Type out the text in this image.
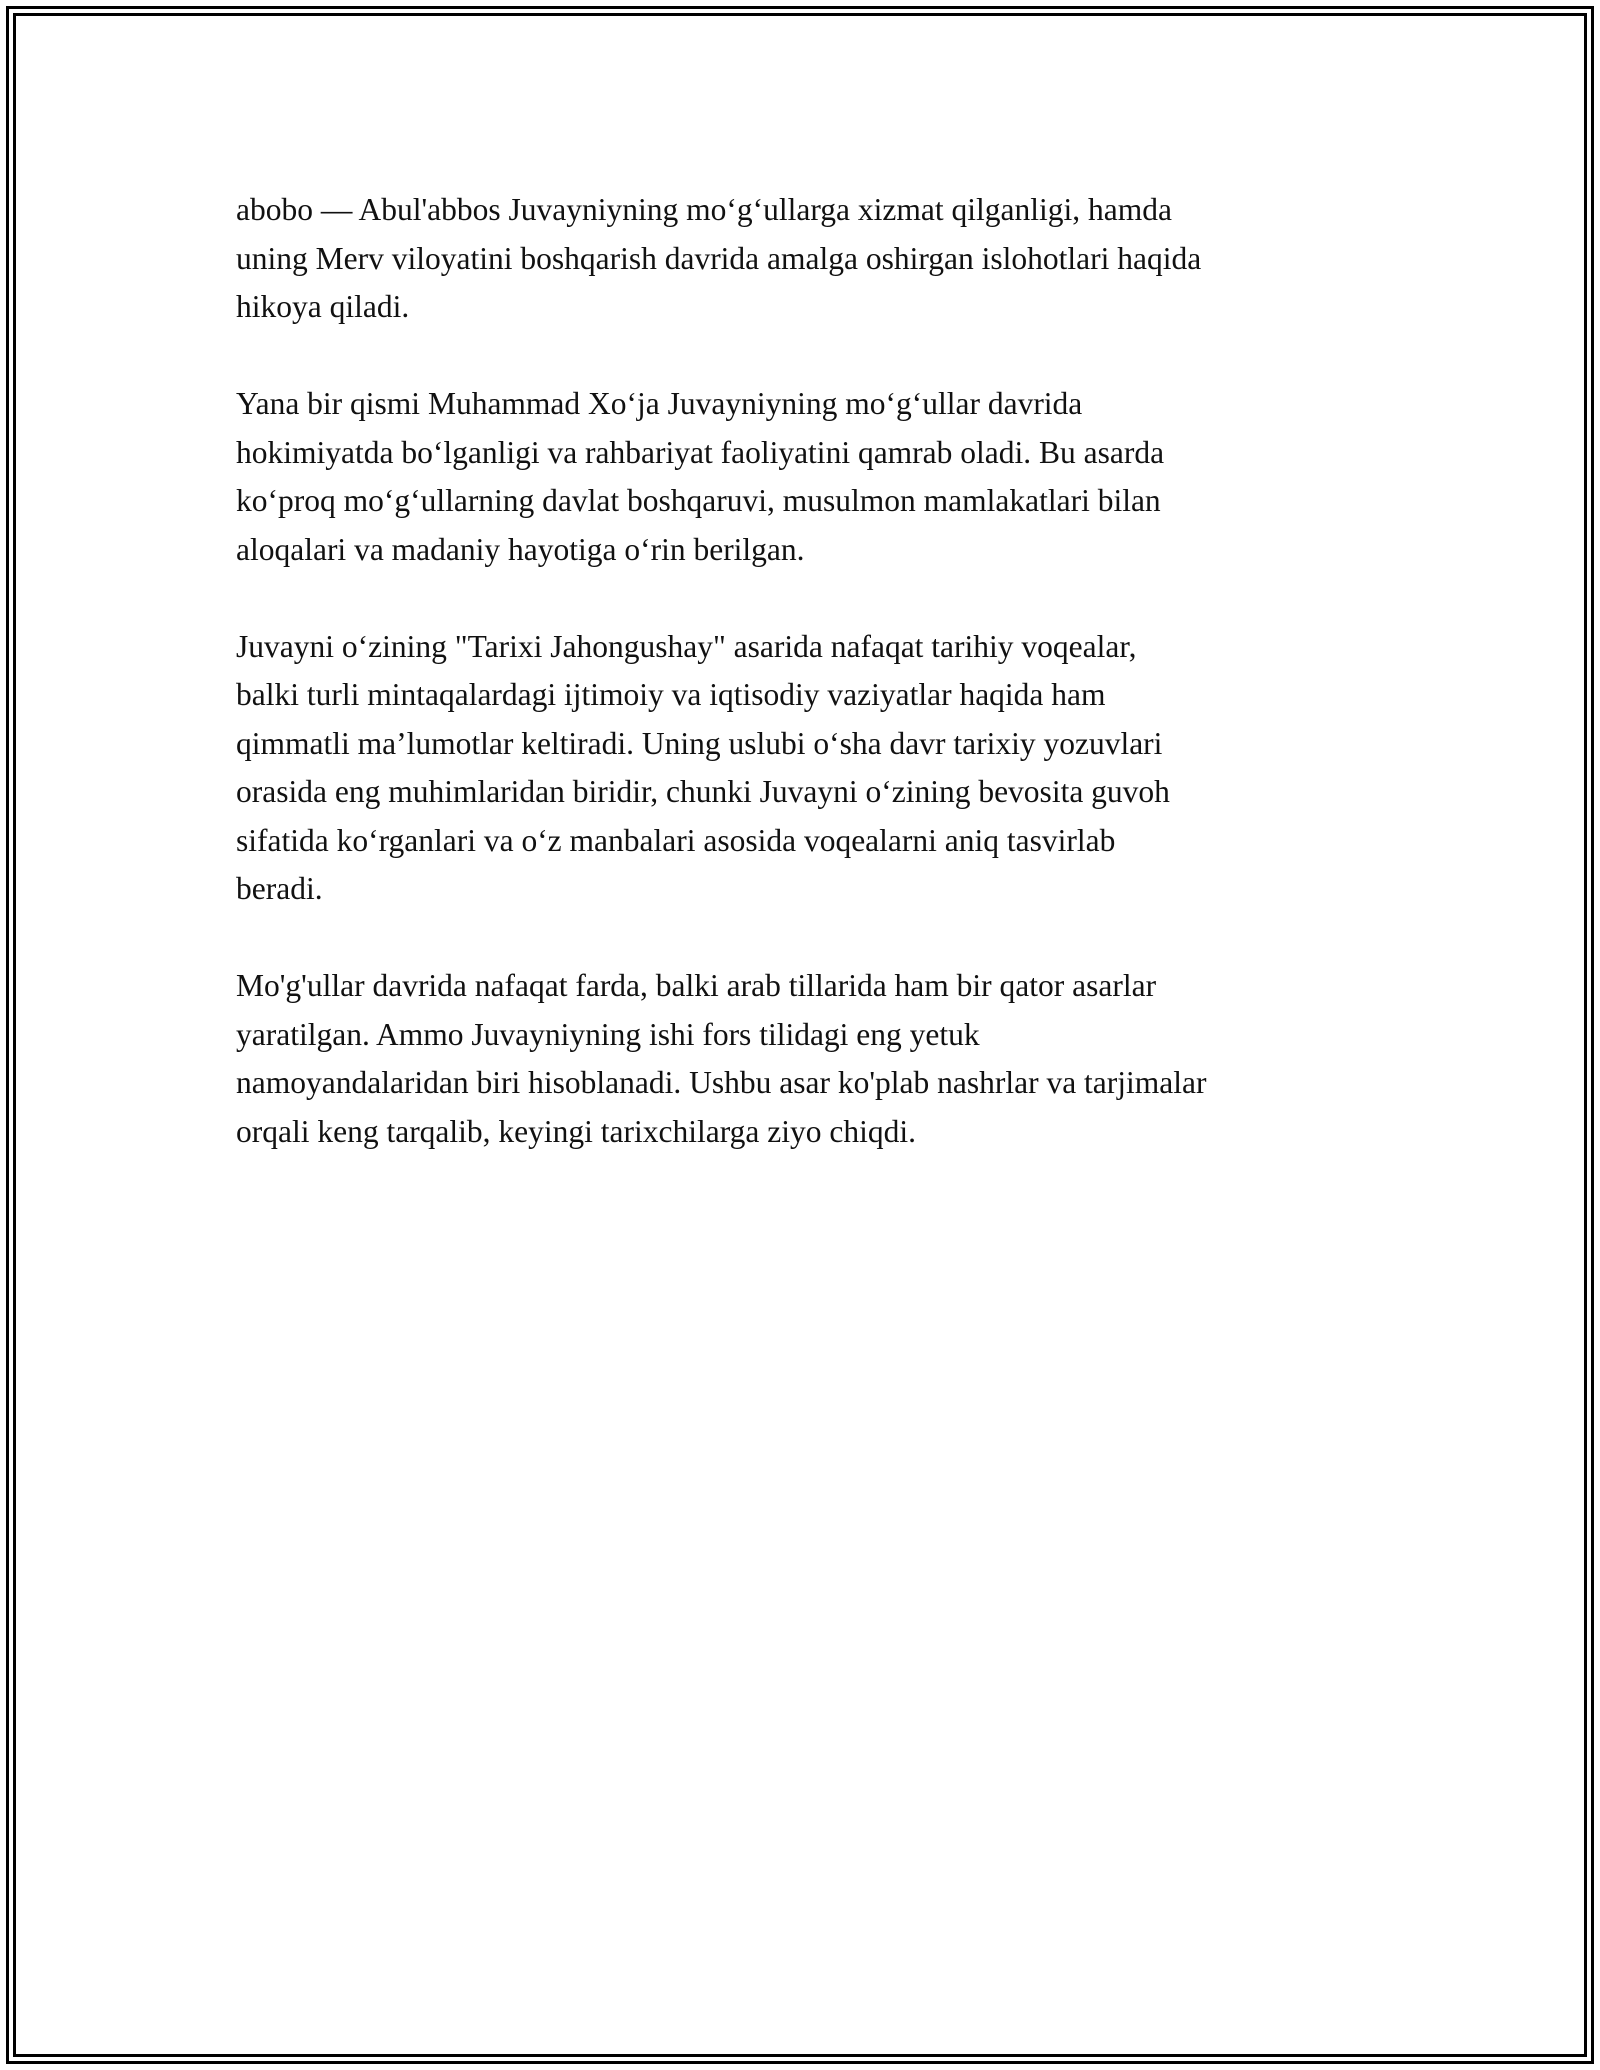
abobo — Abul'abbos Juvayniyning mo‘g‘ullarga xizmat qilganligi, hamda
uning Merv viloyatini boshqarish davrida amalga oshirgan islohotlari haqida
hikoya qiladi.

Yana bir qismi Muhammad Xo‘ja Juvayniyning mo‘g‘ullar davrida
hokimiyatda bo‘lganligi va rahbariyat faoliyatini qamrab oladi. Bu asarda
ko‘proq mo‘g‘ullarning davlat boshqaruvi, musulmon mamlakatlari bilan
aloqalari va madaniy hayotiga o‘rin berilgan.

Juvayni o‘zining "Tarixi Jahongushay" asarida nafaqat tarihiy voqealar,
balki turli mintaqalardagi ijtimoiy va iqtisodiy vaziyatlar haqida ham
qimmatli ma’lumotlar keltiradi. Uning uslubi o‘sha davr tarixiy yozuvlari
orasida eng muhimlaridan biridir, chunki Juvayni o‘zining bevosita guvoh
sifatida ko‘rganlari va o‘z manbalari asosida voqealarni aniq tasvirlab
beradi.

Mo'g'ullar davrida nafaqat farda, balki arab tillarida ham bir qator asarlar
yaratilgan. Ammo Juvayniyning ishi fors tilidagi eng yetuk
namoyandalaridan biri hisoblanadi. Ushbu asar ko'plab nashrlar va tarjimalar
orqali keng tarqalib, keyingi tarixchilarga ziyo chiqdi.
